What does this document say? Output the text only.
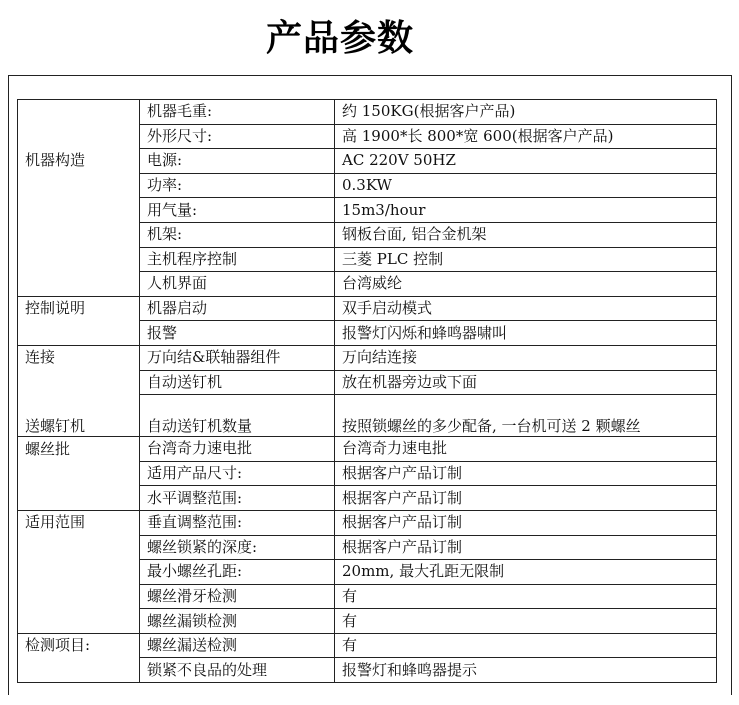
产品参数
	机器毛重:	约 150KG(根据客户产品)
	外形尺寸:	高 1900*长 800*宽 600(根据客户产品)
机器构造	电源:	AC 220V 50HZ
	功率:	0.3KW
	用气量:	15m3/hour
	机架:	钢板台面, 铝合金机架
	主机程序控制	三菱 PLC 控制
	人机界面	台湾威纶
控制说明	机器启动	双手启动模式
	报警	报警灯闪烁和蜂鸣器啸叫
连接	万向结&联轴器组件	万向结连接
	自动送钉机	放在机器旁边或下面
送螺钉机	自动送钉机数量	按照锁螺丝的多少配备, 一台机可送 2 颗螺丝
螺丝批	台湾奇力速电批	台湾奇力速电批
	适用产品尺寸:	根据客户产品订制
	水平调整范围:	根据客户产品订制
适用范围	垂直调整范围:	根据客户产品订制
	螺丝锁紧的深度:	根据客户产品订制
	最小螺丝孔距:	20mm, 最大孔距无限制
	螺丝滑牙检测	有
	螺丝漏锁检测	有
检测项目:	螺丝漏送检测	有
	锁紧不良品的处理	报警灯和蜂鸣器提示
